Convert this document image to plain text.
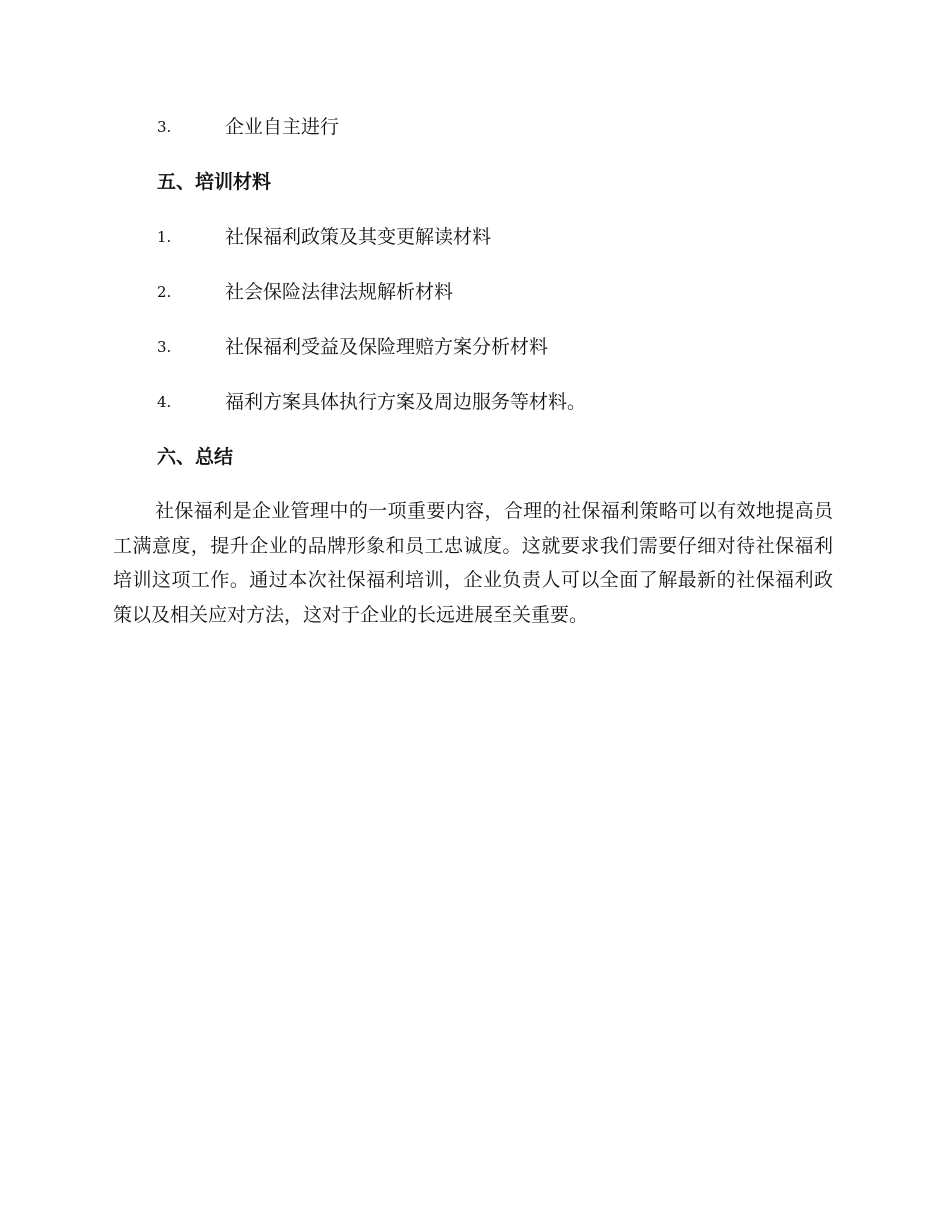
3.	企业自主进行
五、培训材料
1.	社保福利政策及其变更解读材料
2.	社会保险法律法规解析材料
3.	社保福利受益及保险理赔方案分析材料
4.	福利方案具体执行方案及周边服务等材料。
六、总结

社保福利是企业管理中的一项重要内容，合理的社保福利策略可以有效地提高员工满意度，提升企业的品牌形象和员工忠诚度。这就要求我们需要仔细对待社保福利培训这项工作。通过本次社保福利培训，企业负责人可以全面了解最新的社保福利政策以及相关应对方法，这对于企业的长远进展至关重要。
